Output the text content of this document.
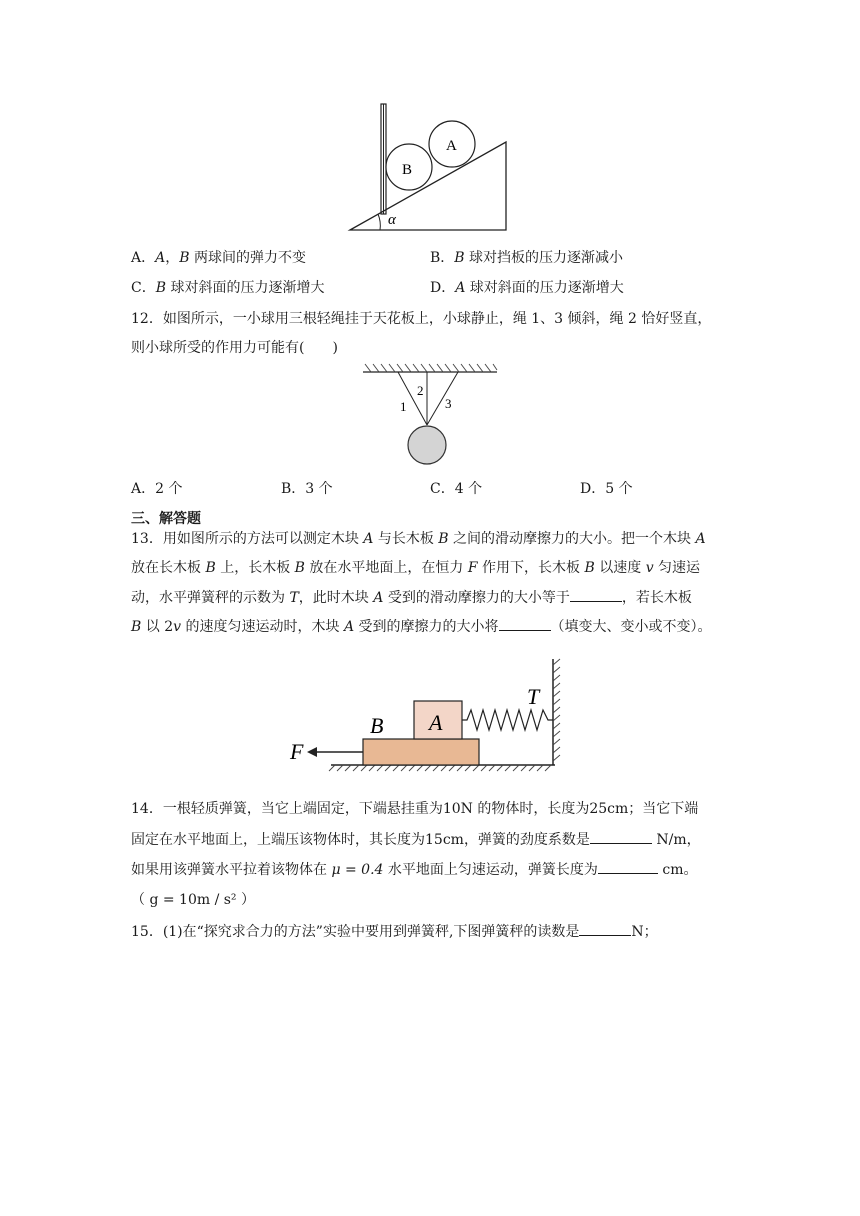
B
A
α
A．A，B 两球间的弹力不变	B．B 球对挡板的压力逐渐减小
C．B 球对斜面的压力逐渐增大	D．A 球对斜面的压力逐渐增大
12．如图所示，一小球用三根轻绳挂于天花板上，小球静止，绳 1、3 倾斜，绳 2 恰好竖直，
则小球所受的作用力可能有(　　)
1
2
3
A．2 个	B．3 个	C．4 个	D．5 个
三、解答题
13．用如图所示的方法可以测定木块 A 与长木板 B 之间的滑动摩擦力的大小。把一个木块 A
放在长木板 B 上，长木板 B 放在水平地面上，在恒力 F 作用下，长木板 B 以速度 v 匀速运
动，水平弹簧秤的示数为 T，此时木块 A 受到的滑动摩擦力的大小等于	，若长木板
B 以 2v 的速度匀速运动时，木块 A 受到的摩擦力的大小将	（填变大、变小或不变）。
B A
T
F
14．一根轻质弹簧，当它上端固定，下端悬挂重为10N 的物体时，长度为25cm；当它下端
固定在水平地面上，上端压该物体时，其长度为15cm，弹簧的劲度系数是	N/m，
如果用该弹簧水平拉着该物体在 μ = 0.4 水平地面上匀速运动，弹簧长度为	cm。
（ g = 10m / s² ）
15．(1)在“探究求合力的方法”实验中要用到弹簧秤,下图弹簧秤的读数是	N；
